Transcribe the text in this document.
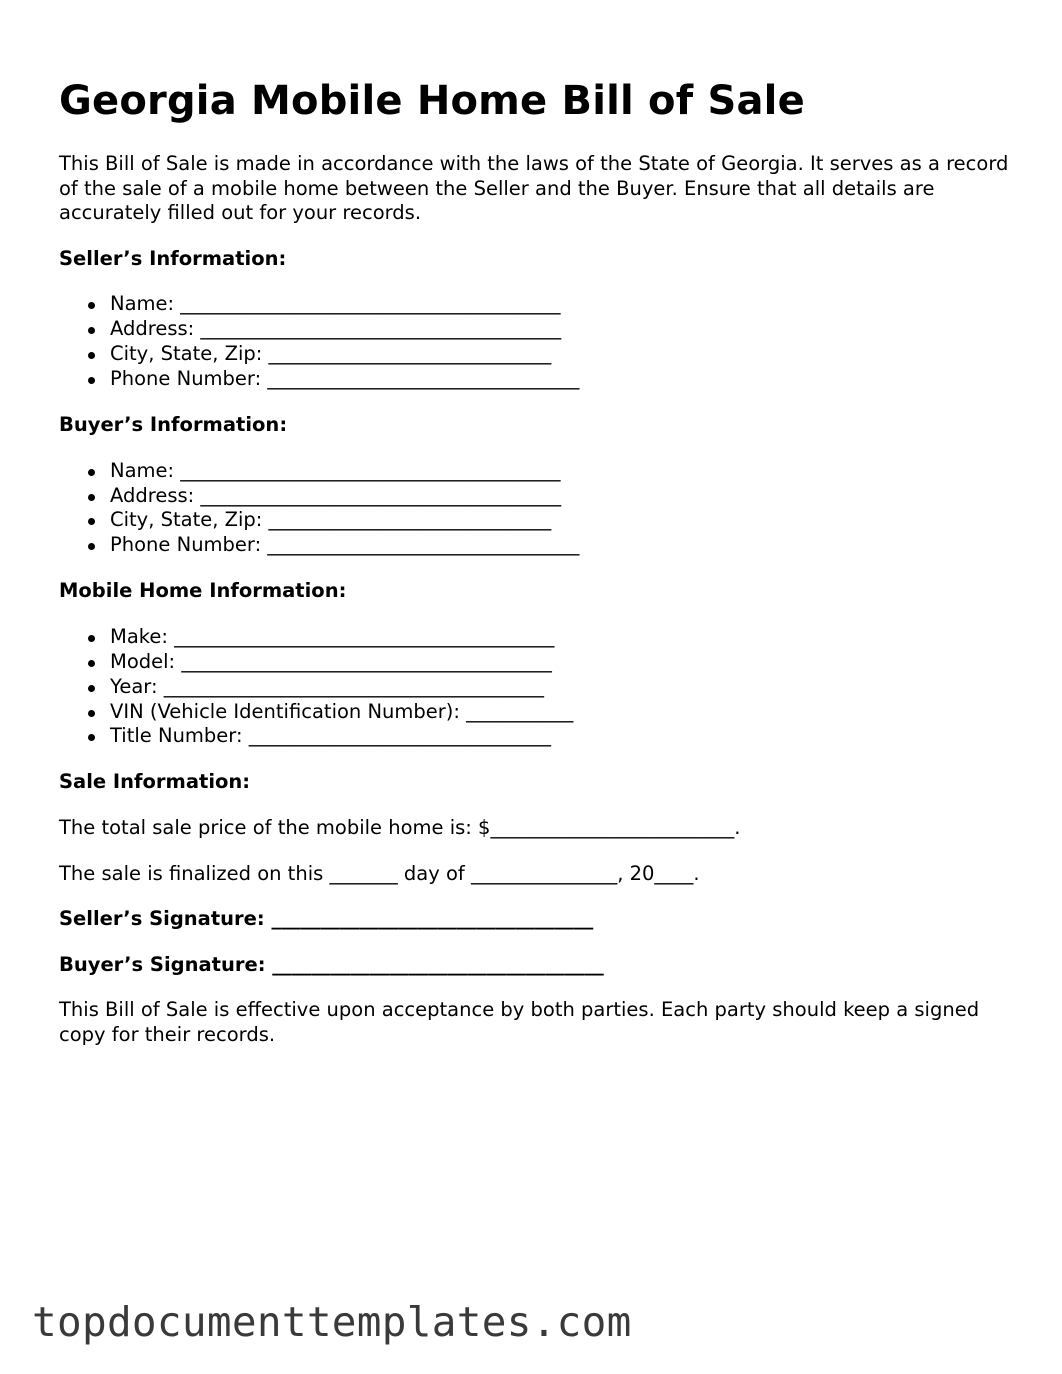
Georgia Mobile Home Bill of Sale

This Bill of Sale is made in accordance with the laws of the State of Georgia. It serves as a record of the sale of a mobile home between the Seller and the Buyer. Ensure that all details are accurately filled out for your records.

Seller’s Information:
Name: _______________________________________
Address: _____________________________________
City, State, Zip: _____________________________
Phone Number: ________________________________
Buyer’s Information:
Name: _______________________________________
Address: _____________________________________
City, State, Zip: _____________________________
Phone Number: ________________________________
Mobile Home Information:
Make: _______________________________________
Model: ______________________________________
Year: _______________________________________
VIN (Vehicle Identification Number): ___________
Title Number: _______________________________
Sale Information:

The total sale price of the mobile home is: $_________________________.

The sale is finalized on this _______ day of _______________, 20____.

Seller’s Signature: _________________________________

Buyer’s Signature: __________________________________

This Bill of Sale is effective upon acceptance by both parties. Each party should keep a signed copy for their records.

topdocumenttemplates.com
